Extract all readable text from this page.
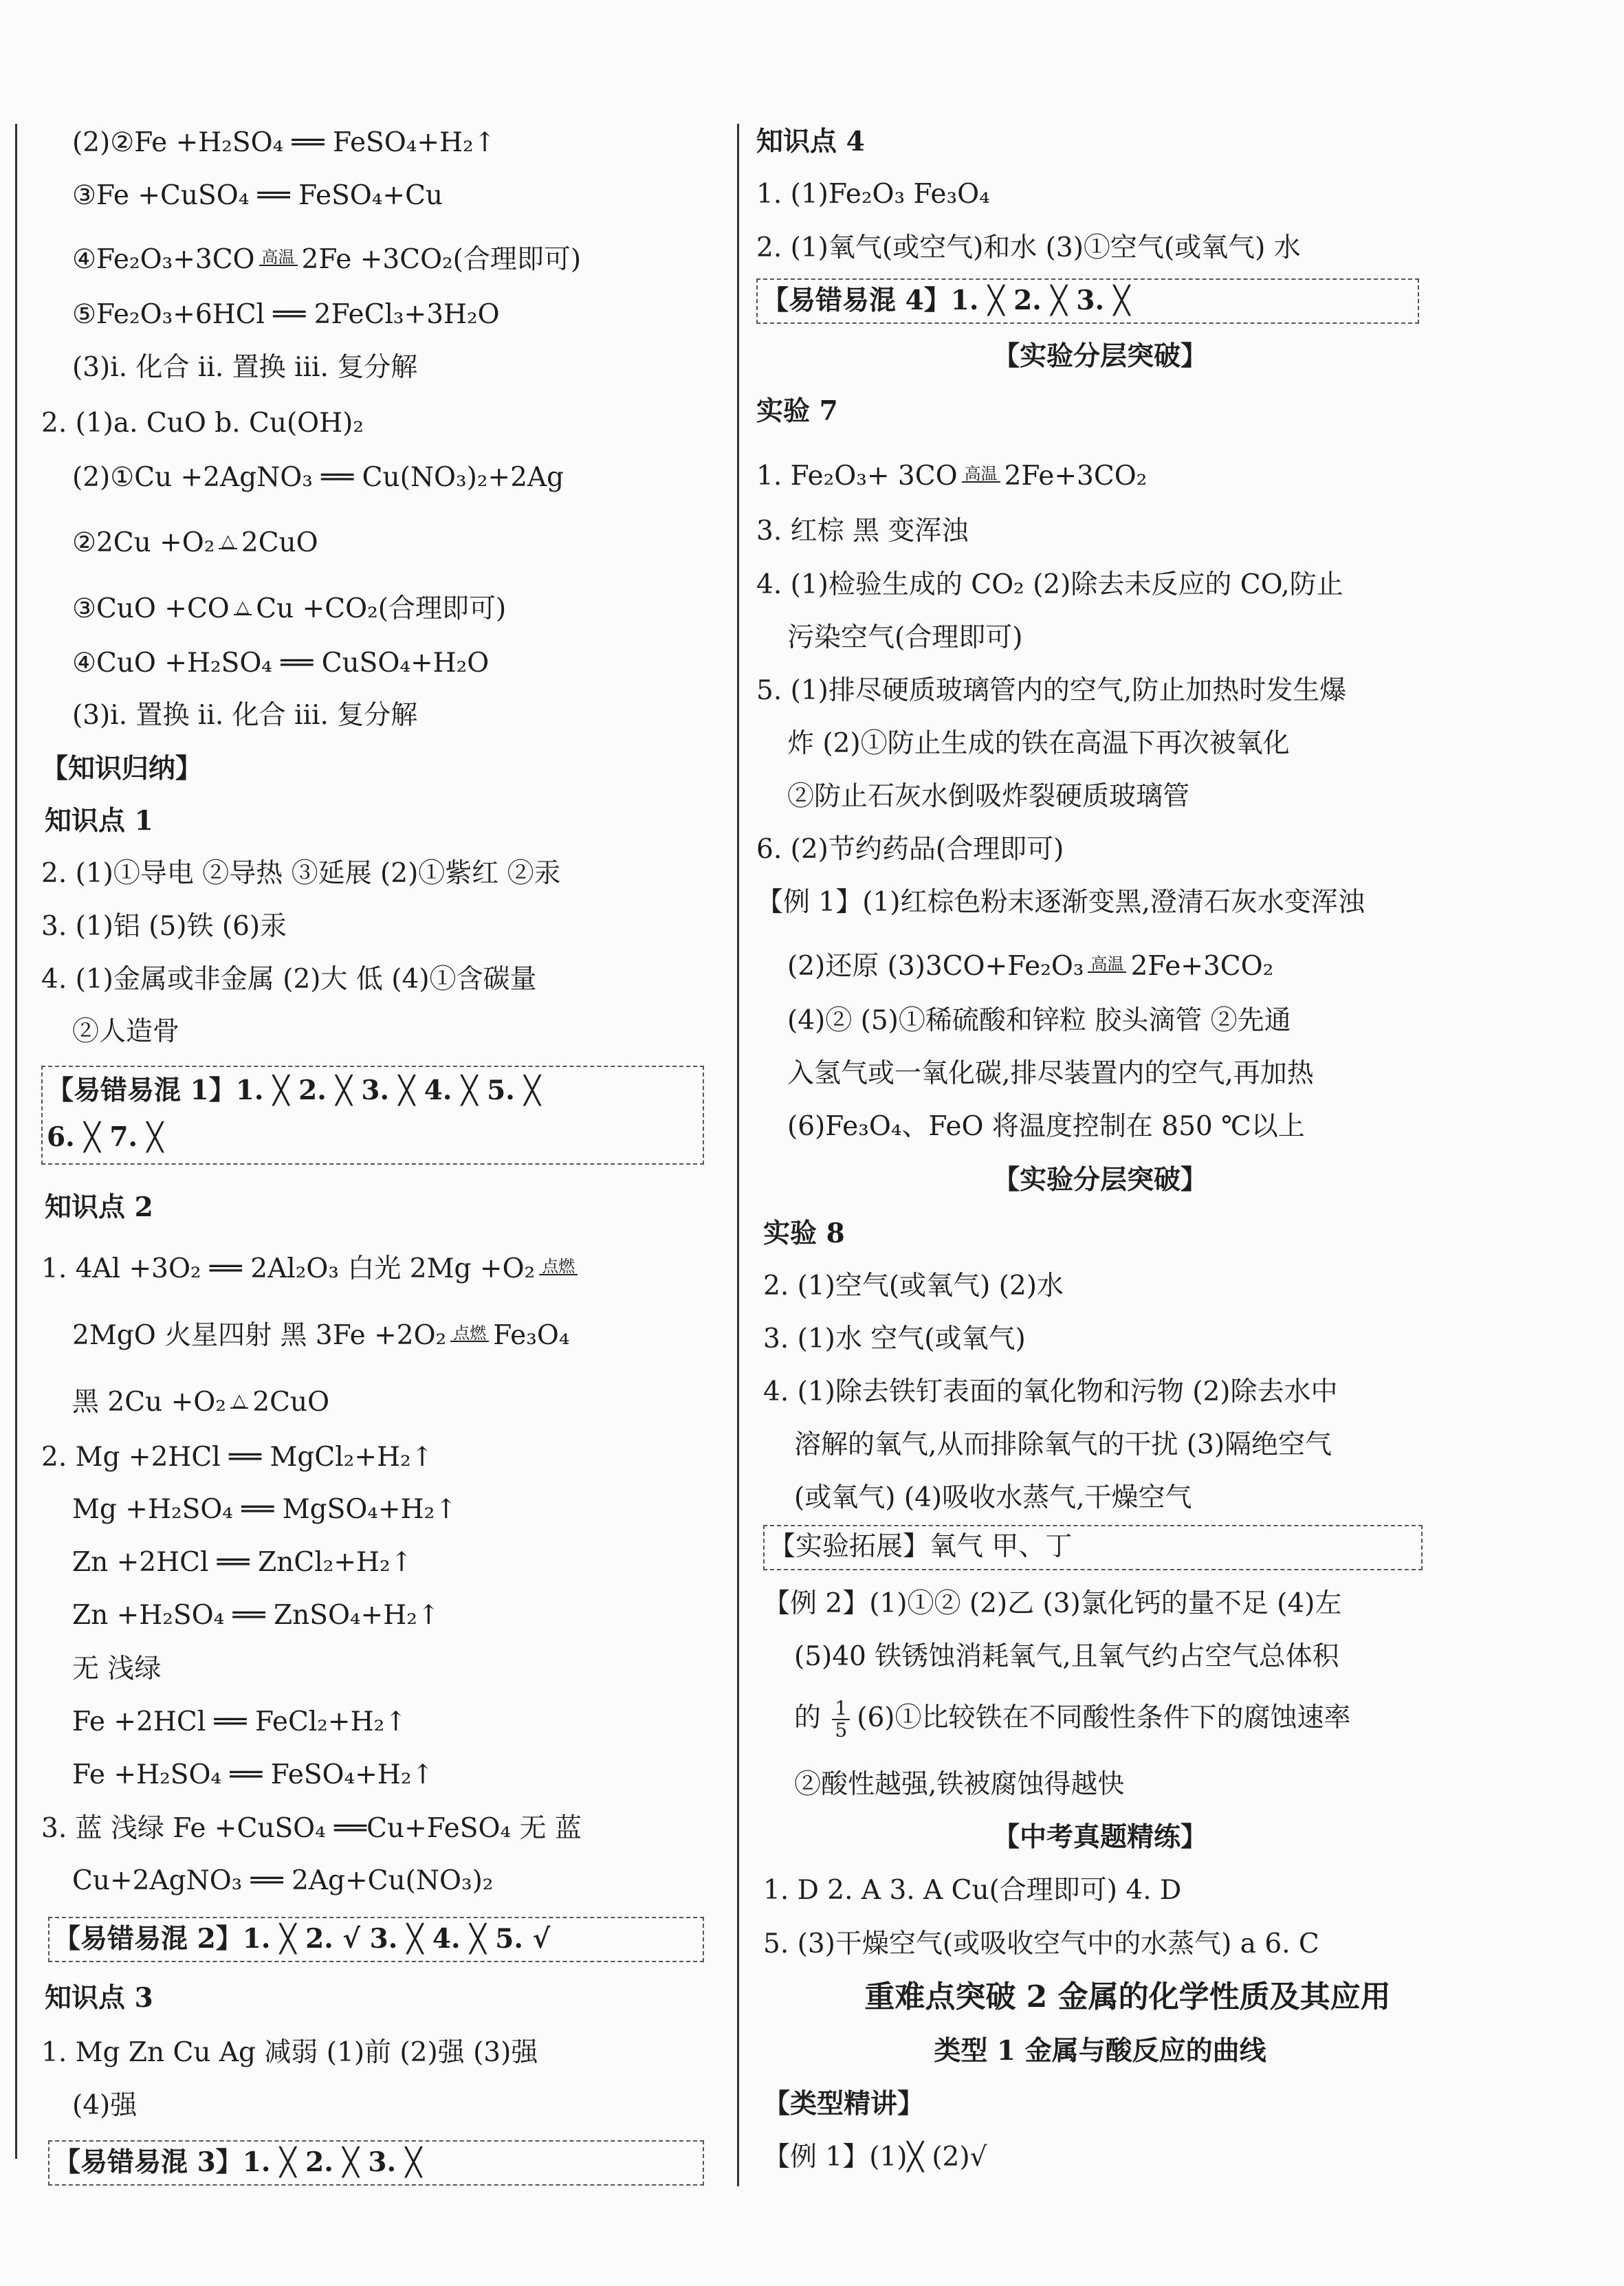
(2)②Fe +H₂SO₄ ══ FeSO₄+H₂↑
③Fe +CuSO₄ ══ FeSO₄+Cu
④Fe₂O₃+3CO 高温 2Fe +3CO₂(合理即可)
⑤Fe₂O₃+6HCl ══ 2FeCl₃+3H₂O
(3)i. 化合 ii. 置换 iii. 复分解
2. (1)a. CuO b. Cu(OH)₂
(2)①Cu +2AgNO₃ ══ Cu(NO₃)₂+2Ag
②2Cu +O₂ △ 2CuO
③CuO +CO △ Cu +CO₂(合理即可)
④CuO +H₂SO₄ ══ CuSO₄+H₂O
(3)i. 置换 ii. 化合 iii. 复分解
【知识归纳】
知识点 1
2. (1)①导电 ②导热 ③延展 (2)①紫红 ②汞
3. (1)铝 (5)铁 (6)汞
4. (1)金属或非金属 (2)大 低 (4)①含碳量
②人造骨
【易错易混 1】1. ╳ 2. ╳ 3. ╳ 4. ╳ 5. ╳
6. ╳ 7. ╳
知识点 2
1. 4Al +3O₂ ══ 2Al₂O₃ 白光 2Mg +O₂ 点燃
2MgO 火星四射 黑 3Fe +2O₂ 点燃 Fe₃O₄
黑 2Cu +O₂ △ 2CuO
2. Mg +2HCl ══ MgCl₂+H₂↑
Mg +H₂SO₄ ══ MgSO₄+H₂↑
Zn +2HCl ══ ZnCl₂+H₂↑
Zn +H₂SO₄ ══ ZnSO₄+H₂↑
无 浅绿
Fe +2HCl ══ FeCl₂+H₂↑
Fe +H₂SO₄ ══ FeSO₄+H₂↑
3. 蓝 浅绿 Fe +CuSO₄ ══Cu+FeSO₄ 无 蓝
Cu+2AgNO₃ ══ 2Ag+Cu(NO₃)₂
【易错易混 2】1. ╳ 2. √ 3. ╳ 4. ╳ 5. √
知识点 3
1. Mg Zn Cu Ag 减弱 (1)前 (2)强 (3)强
(4)强
【易错易混 3】1. ╳ 2. ╳ 3. ╳
知识点 4
1. (1)Fe₂O₃ Fe₃O₄
2. (1)氧气(或空气)和水 (3)①空气(或氧气) 水
【易错易混 4】1. ╳ 2. ╳ 3. ╳
【实验分层突破】
实验 7
1. Fe₂O₃+ 3CO 高温 2Fe+3CO₂
3. 红棕 黑 变浑浊
4. (1)检验生成的 CO₂ (2)除去未反应的 CO,防止
污染空气(合理即可)
5. (1)排尽硬质玻璃管内的空气,防止加热时发生爆
炸 (2)①防止生成的铁在高温下再次被氧化
②防止石灰水倒吸炸裂硬质玻璃管
6. (2)节约药品(合理即可)
【例 1】(1)红棕色粉末逐渐变黑,澄清石灰水变浑浊
(2)还原 (3)3CO+Fe₂O₃ 高温 2Fe+3CO₂
(4)② (5)①稀硫酸和锌粒 胶头滴管 ②先通
入氢气或一氧化碳,排尽装置内的空气,再加热
(6)Fe₃O₄、FeO 将温度控制在 850 ℃以上
【实验分层突破】
实验 8
2. (1)空气(或氧气) (2)水
3. (1)水 空气(或氧气)
4. (1)除去铁钉表面的氧化物和污物 (2)除去水中
溶解的氧气,从而排除氧气的干扰 (3)隔绝空气
(或氧气) (4)吸收水蒸气,干燥空气
【实验拓展】氧气 甲、丁
【例 2】(1)①② (2)乙 (3)氯化钙的量不足 (4)左
(5)40 铁锈蚀消耗氧气,且氧气约占空气总体积
的 $\frac{1}{5}$ (6)①比较铁在不同酸性条件下的腐蚀速率
②酸性越强,铁被腐蚀得越快
【中考真题精练】
1. D 2. A 3. A Cu(合理即可) 4. D
5. (3)干燥空气(或吸收空气中的水蒸气) a 6. C
重难点突破 2 金属的化学性质及其应用
类型 1 金属与酸反应的曲线
【类型精讲】
【例 1】(1)╳ (2)√
